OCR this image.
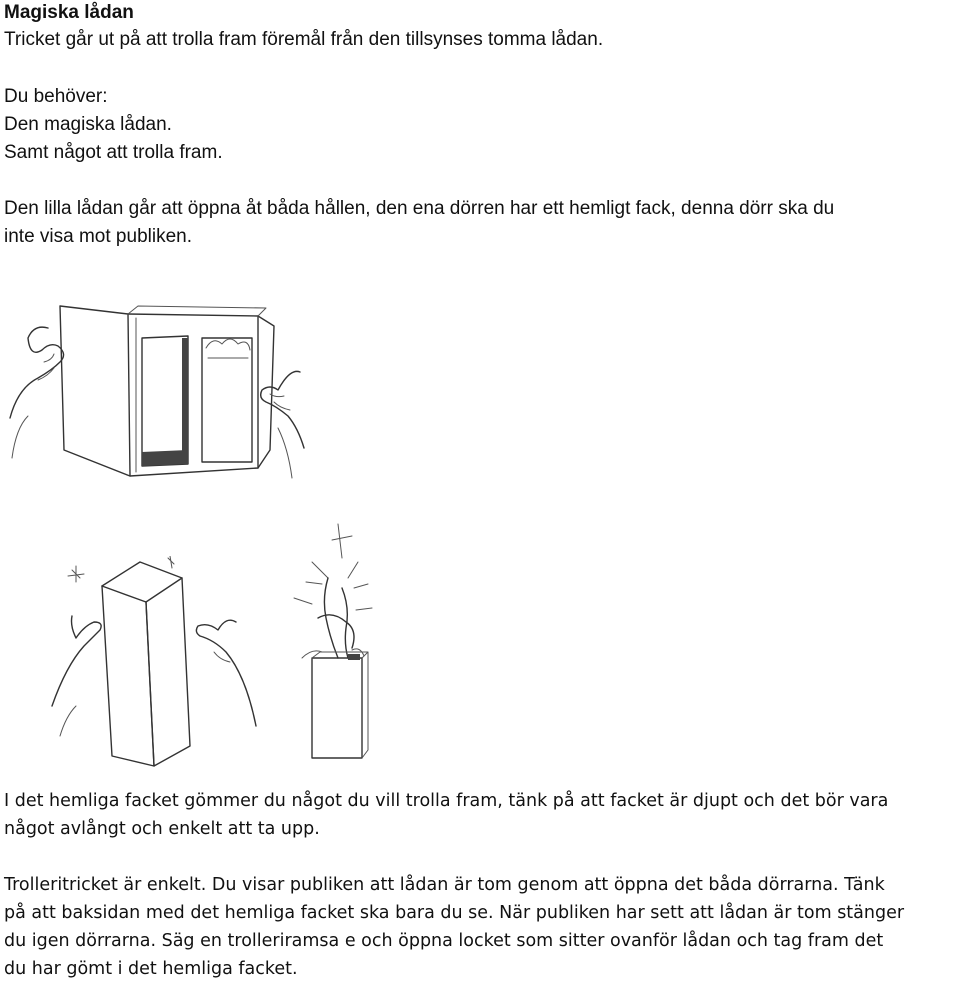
Magiska lådan
Tricket går ut på att trolla fram föremål från den tillsynses tomma lådan.
Du behöver:
Den magiska lådan.
Samt något att trolla fram.
Den lilla lådan går att öppna åt båda hållen, den ena dörren har ett hemligt fack, denna dörr ska du
inte visa mot publiken.
I det hemliga facket gömmer du något du vill trolla fram, tänk på att facket är djupt och det bör vara
något avlångt och enkelt att ta upp.
Trolleritricket är enkelt. Du visar publiken att lådan är tom genom att öppna det båda dörrarna. Tänk
på att baksidan med det hemliga facket ska bara du se. När publiken har sett att lådan är tom stänger
du igen dörrarna. Säg en trolleriramsa e och öppna locket som sitter ovanför lådan och tag fram det
du har gömt i det hemliga facket.
